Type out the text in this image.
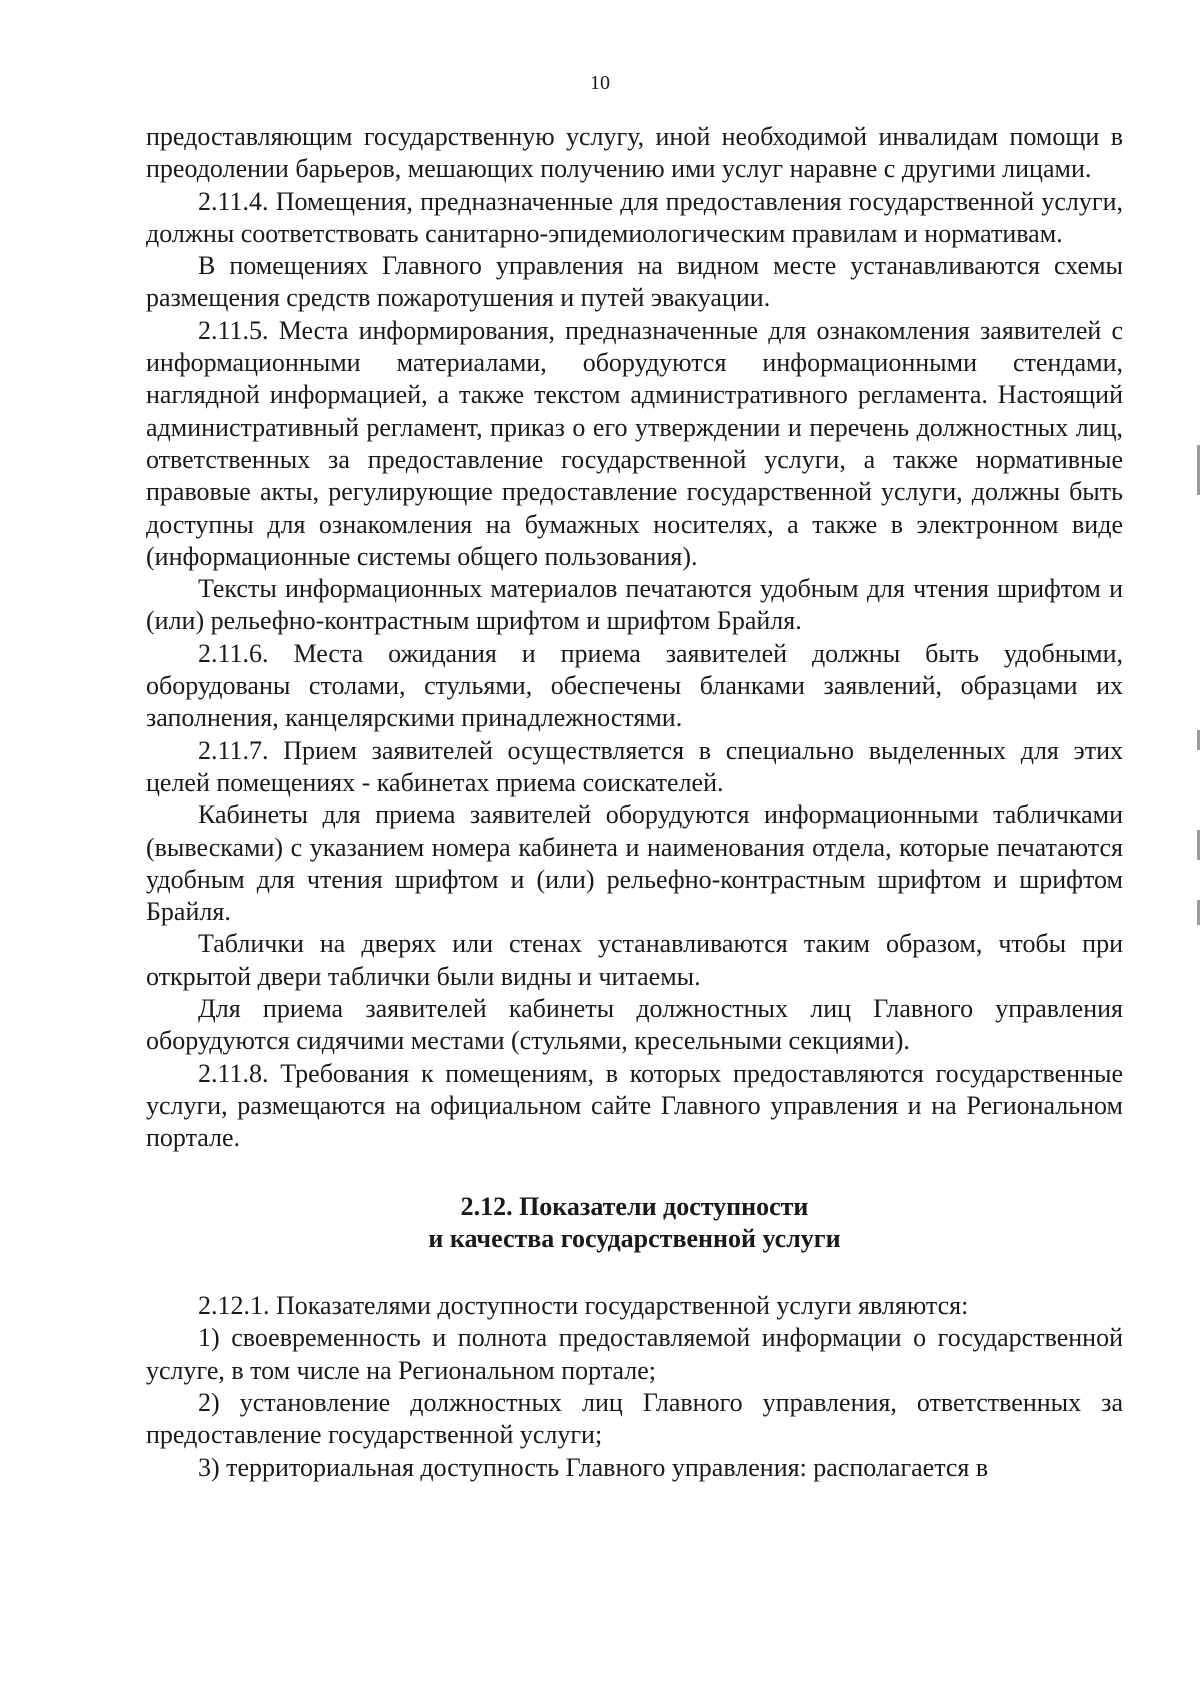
10

предоставляющим государственную услугу, иной необходимой инвалидам помощи в преодолении барьеров, мешающих получению ими услуг наравне с другими лицами.

2.11.4. Помещения, предназначенные для предоставления государственной услуги, должны соответствовать санитарно-эпидемиологическим правилам и нормативам.

В помещениях Главного управления на видном месте устанавливаются схемы размещения средств пожаротушения и путей эвакуации.

2.11.5. Места информирования, предназначенные для ознакомления заявителей с информационными материалами, оборудуются информационными стендами, наглядной информацией, а также текстом административного регламента. Настоящий административный регламент, приказ о его утверждении и перечень должностных лиц, ответственных за предоставление государственной услуги, а также нормативные правовые акты, регулирующие предоставление государственной услуги, должны быть доступны для ознакомления на бумажных носителях, а также в электронном виде (информационные системы общего пользования).

Тексты информационных материалов печатаются удобным для чтения шрифтом и (или) рельефно-контрастным шрифтом и шрифтом Брайля.

2.11.6. Места ожидания и приема заявителей должны быть удобными, оборудованы столами, стульями, обеспечены бланками заявлений, образцами их заполнения, канцелярскими принадлежностями.

2.11.7. Прием заявителей осуществляется в специально выделенных для этих целей помещениях - кабинетах приема соискателей.

Кабинеты для приема заявителей оборудуются информационными табличками (вывесками) с указанием номера кабинета и наименования отдела, которые печатаются удобным для чтения шрифтом и (или) рельефно-контрастным шрифтом и шрифтом Брайля.

Таблички на дверях или стенах устанавливаются таким образом, чтобы при открытой двери таблички были видны и читаемы.

Для приема заявителей кабинеты должностных лиц Главного управления оборудуются сидячими местами (стульями, кресельными секциями).

2.11.8. Требования к помещениям, в которых предоставляются государственные услуги, размещаются на официальном сайте Главного управления и на Региональном портале.

2.12. Показатели доступности
и качества государственной услуги

2.12.1. Показателями доступности государственной услуги являются:

1) своевременность и полнота предоставляемой информации о государственной услуге, в том числе на Региональном портале;

2) установление должностных лиц Главного управления, ответственных за предоставление государственной услуги;

3) территориальная доступность Главного управления: располагается в
